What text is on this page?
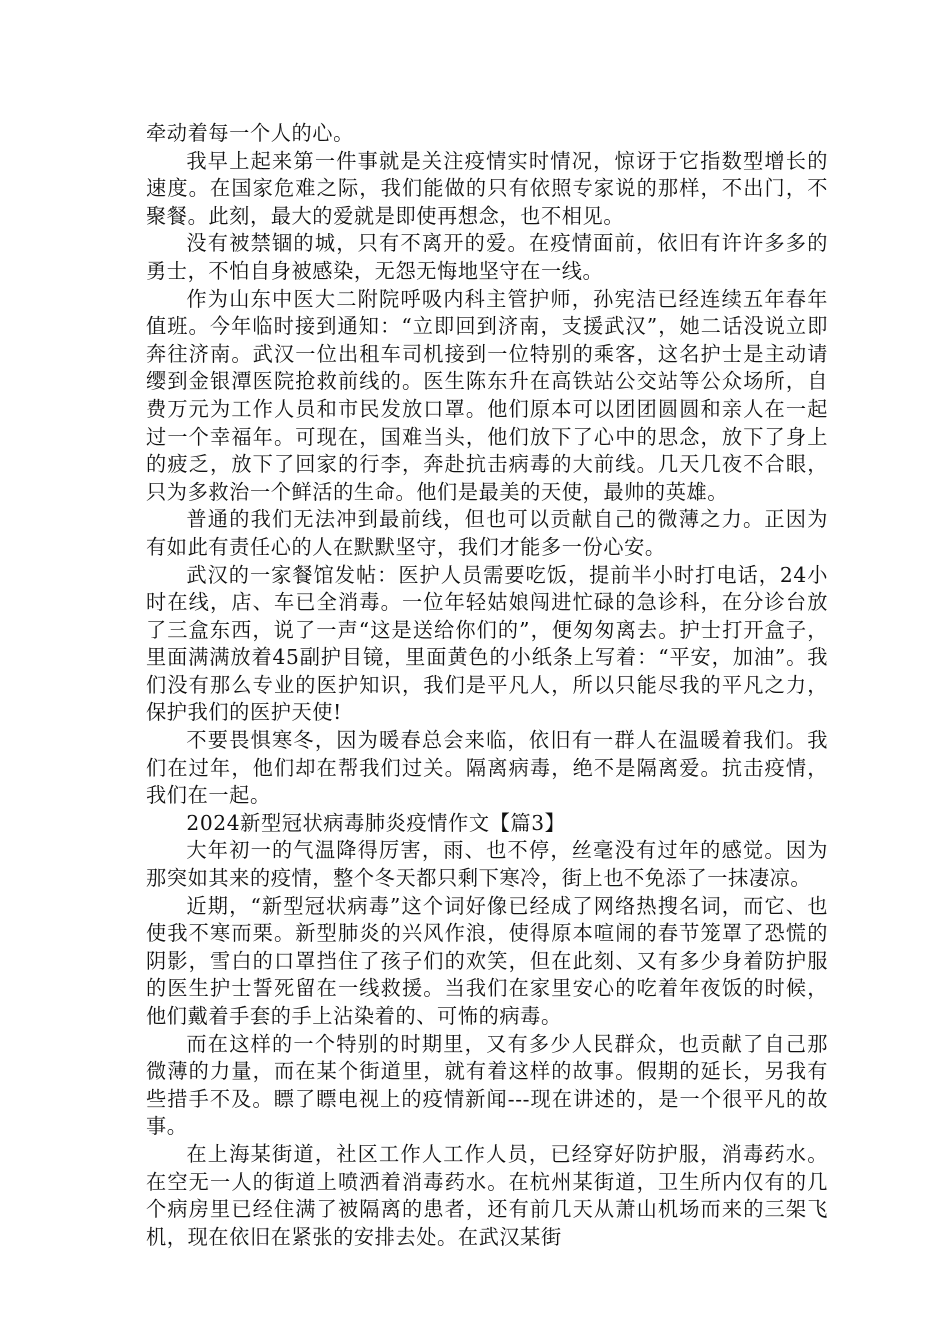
牵动着每一个人的心。

我早上起来第一件事就是关注疫情实时情况，惊讶于它指数型增长的速度。在国家危难之际，我们能做的只有依照专家说的那样，不出门，不聚餐。此刻，最大的爱就是即使再想念，也不相见。

没有被禁锢的城，只有不离开的爱。在疫情面前，依旧有许许多多的勇士，不怕自身被感染，无怨无悔地坚守在一线。

作为山东中医大二附院呼吸内科主管护师，孙宪洁已经连续五年春年值班。今年临时接到通知：“立即回到济南，支援武汉”，她二话没说立即奔往济南。武汉一位出租车司机接到一位特别的乘客，这名护士是主动请缨到金银潭医院抢救前线的。医生陈东升在高铁站公交站等公众场所，自费万元为工作人员和市民发放口罩。他们原本可以团团圆圆和亲人在一起过一个幸福年。可现在，国难当头，他们放下了心中的思念，放下了身上的疲乏，放下了回家的行李，奔赴抗击病毒的大前线。几天几夜不合眼，只为多救治一个鲜活的生命。他们是最美的天使，最帅的英雄。

普通的我们无法冲到最前线，但也可以贡献自己的微薄之力。正因为有如此有责任心的人在默默坚守，我们才能多一份心安。

武汉的一家餐馆发帖：医护人员需要吃饭，提前半小时打电话，24小时在线，店、车已全消毒。一位年轻姑娘闯进忙碌的急诊科，在分诊台放了三盒东西，说了一声“这是送给你们的”，便匆匆离去。护士打开盒子，里面满满放着45副护目镜，里面黄色的小纸条上写着：“平安，加油”。我们没有那么专业的医护知识，我们是平凡人，所以只能尽我的平凡之力，保护我们的医护天使!

不要畏惧寒冬，因为暖春总会来临，依旧有一群人在温暖着我们。我们在过年，他们却在帮我们过关。隔离病毒，绝不是隔离爱。抗击疫情，我们在一起。

2024新型冠状病毒肺炎疫情作文【篇3】

大年初一的气温降得厉害，雨、也不停，丝毫没有过年的感觉。因为那突如其来的疫情，整个冬天都只剩下寒冷，街上也不免添了一抹凄凉。

近期，“新型冠状病毒”这个词好像已经成了网络热搜名词，而它、也使我不寒而栗。新型肺炎的兴风作浪，使得原本喧闹的春节笼罩了恐慌的阴影，雪白的口罩挡住了孩子们的欢笑，但在此刻、又有多少身着防护服的医生护士誓死留在一线救援。当我们在家里安心的吃着年夜饭的时候，他们戴着手套的手上沾染着的、可怖的病毒。

而在这样的一个特别的时期里，又有多少人民群众，也贡献了自己那微薄的力量，而在某个街道里，就有着这样的故事。假期的延长，另我有些措手不及。瞟了瞟电视上的疫情新闻---现在讲述的，是一个很平凡的故事。

在上海某街道，社区工作人工作人员，已经穿好防护服，消毒药水。在空无一人的街道上喷洒着消毒药水。在杭州某街道，卫生所内仅有的几个病房里已经住满了被隔离的患者，还有前几天从萧山机场而来的三架飞机，现在依旧在紧张的安排去处。在武汉某街
